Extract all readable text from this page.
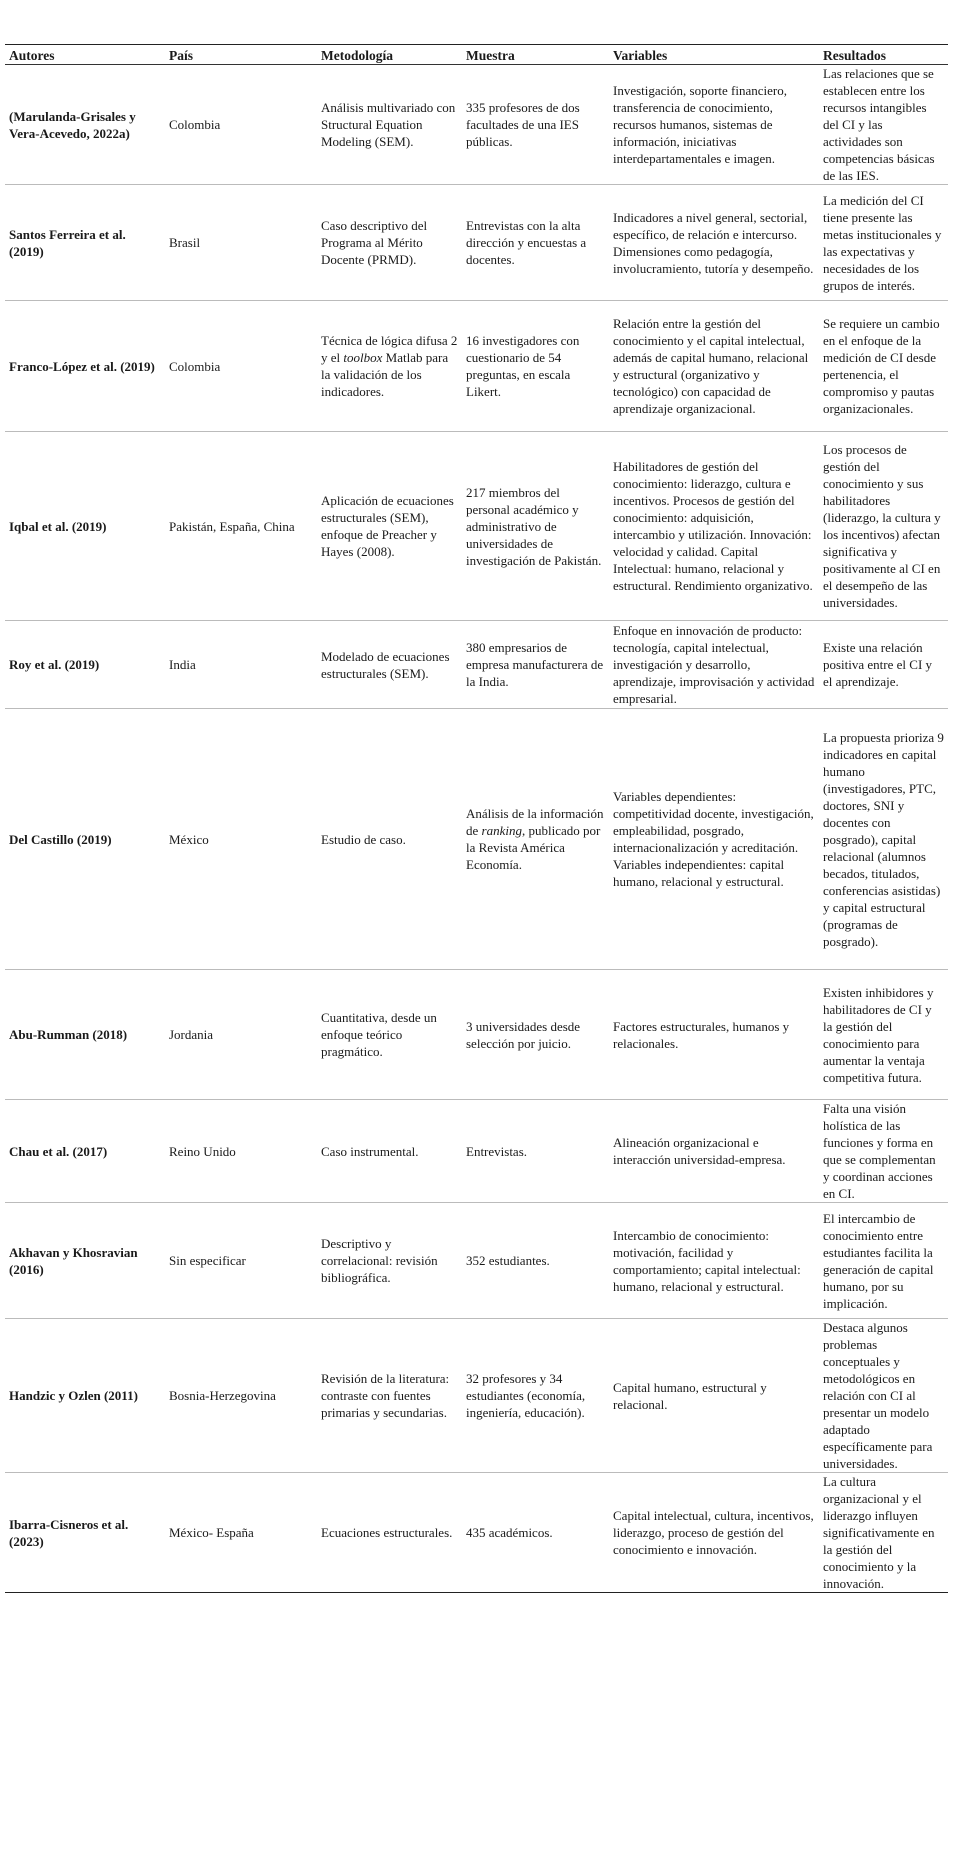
Autores	País	Metodología	Muestra	Variables	Resultados
(Marulanda-Grisales y Vera-Acevedo, 2022a)	Colombia	Análisis multivariado con Structural Equation Modeling (SEM).	335 profesores de dos facultades de una IES públicas.	Investigación, soporte financiero, transferencia de conocimiento, recursos humanos, sistemas de información, iniciativas interdepartamentales e imagen.	Las relaciones que se establecen entre los recursos intangibles del CI y las actividades son competencias básicas de las IES.
Santos Ferreira et al. (2019)	Brasil	Caso descriptivo del Programa al Mérito Docente (PRMD).	Entrevistas con la alta dirección y encuestas a docentes.	Indicadores a nivel general, sectorial, específico, de relación e intercurso. Dimensiones como pedagogía, involucramiento, tutoría y desempeño.	La medición del CI tiene presente las metas institucionales y las expectativas y necesidades de los grupos de interés.
Franco-López et al. (2019)	Colombia	Técnica de lógica difusa 2 y el toolbox Matlab para la validación de los indicadores.	16 investigadores con cuestionario de 54 preguntas, en escala Likert.	Relación entre la gestión del conocimiento y el capital intelectual, además de capital humano, relacional y estructural (organizativo y tecnológico) con capacidad de aprendizaje organizacional.	Se requiere un cambio en el enfoque de la medición de CI desde pertenencia, el compromiso y pautas organizacionales.
Iqbal et al. (2019)	Pakistán, España, China	Aplicación de ecuaciones estructurales (SEM), enfoque de Preacher y Hayes (2008).	217 miembros del personal académico y administrativo de universidades de investigación de Pakistán.	Habilitadores de gestión del conocimiento: liderazgo, cultura e incentivos. Procesos de gestión del conocimiento: adquisición, intercambio y utilización. Innovación: velocidad y calidad. Capital Intelectual: humano, relacional y estructural. Rendimiento organizativo.	Los procesos de gestión del conocimiento y sus habilitadores (liderazgo, la cultura y los incentivos) afectan significativa y positivamente al CI en el desempeño de las universidades.
Roy et al. (2019)	India	Modelado de ecuaciones estructurales (SEM).	380 empresarios de empresa manufacturera de la India.	Enfoque en innovación de producto: tecnología, capital intelectual, investigación y desarrollo, aprendizaje, improvisación y actividad empresarial.	Existe una relación positiva entre el CI y el aprendizaje.
Del Castillo (2019)	México	Estudio de caso.	Análisis de la información de ranking, publicado por la Revista América Economía.	Variables dependientes: competitividad docente, investigación, empleabilidad, posgrado, internacionalización y acreditación. Variables independientes: capital humano, relacional y estructural.	La propuesta prioriza 9 indicadores en capital humano (investigadores, PTC, doctores, SNI y docentes con posgrado), capital relacional (alumnos becados, titulados, conferencias asistidas) y capital estructural (programas de posgrado).
Abu-Rumman (2018)	Jordania	Cuantitativa, desde un enfoque teórico pragmático.	3 universidades desde selección por juicio.	Factores estructurales, humanos y relacionales.	Existen inhibidores y habilitadores de CI y la gestión del conocimiento para aumentar la ventaja competitiva futura.
Chau et al. (2017)	Reino Unido	Caso instrumental.	Entrevistas.	Alineación organizacional e interacción universidad-empresa.	Falta una visión holística de las funciones y forma en que se complementan y coordinan acciones en CI.
Akhavan y Khosravian (2016)	Sin especificar	Descriptivo y correlacional: revisión bibliográfica.	352 estudiantes.	Intercambio de conocimiento: motivación, facilidad y comportamiento; capital intelectual: humano, relacional y estructural.	El intercambio de conocimiento entre estudiantes facilita la generación de capital humano, por su implicación.
Handzic y Ozlen (2011)	Bosnia-Herzegovina	Revisión de la literatura: contraste con fuentes primarias y secundarias.	32 profesores y 34 estudiantes (economía, ingeniería, educación).	Capital humano, estructural y relacional.	Destaca algunos problemas conceptuales y metodológicos en relación con CI al presentar un modelo adaptado específicamente para universidades.
Ibarra-Cisneros et al. (2023)	México- España	Ecuaciones estructurales.	435 académicos.	Capital intelectual, cultura, incentivos, liderazgo, proceso de gestión del conocimiento e innovación.	La cultura organizacional y el liderazgo influyen significativamente en la gestión del conocimiento y la innovación.
